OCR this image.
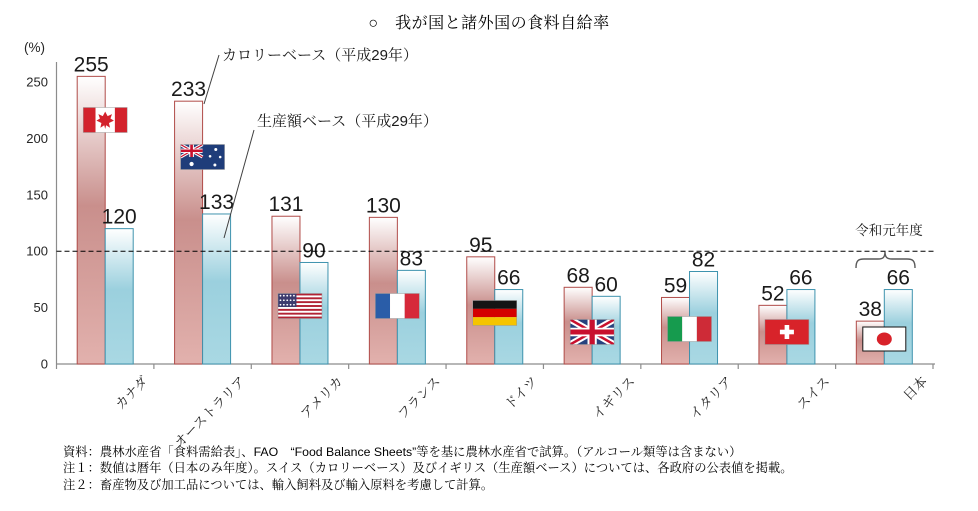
○　我が国と諸外国の食料自給率
0
50
100
150
200
250
(%)
255
120
233
133 131
90
130
83
95
66 68 60 59
82
52
66
38
66
カナダ オーストラリア	アメリカ	フランス	ドイツ	イギリス	イタリア	スイス	日本
カロリーベース（平成29年）
生産額ベース（平成29年）
令和元年度
資料：農林水産省「食料需給表」、FAO　“Food Balance Sheets”等を基に農林水産省で試算。（アルコール類等は含まない）
注１：数値は暦年（日本のみ年度）。スイス（カロリーベース）及びイギリス（生産額ベース）については、各政府の公表値を掲載。
注２：畜産物及び加工品については、輸入飼料及び輸入原料を考慮して計算。
